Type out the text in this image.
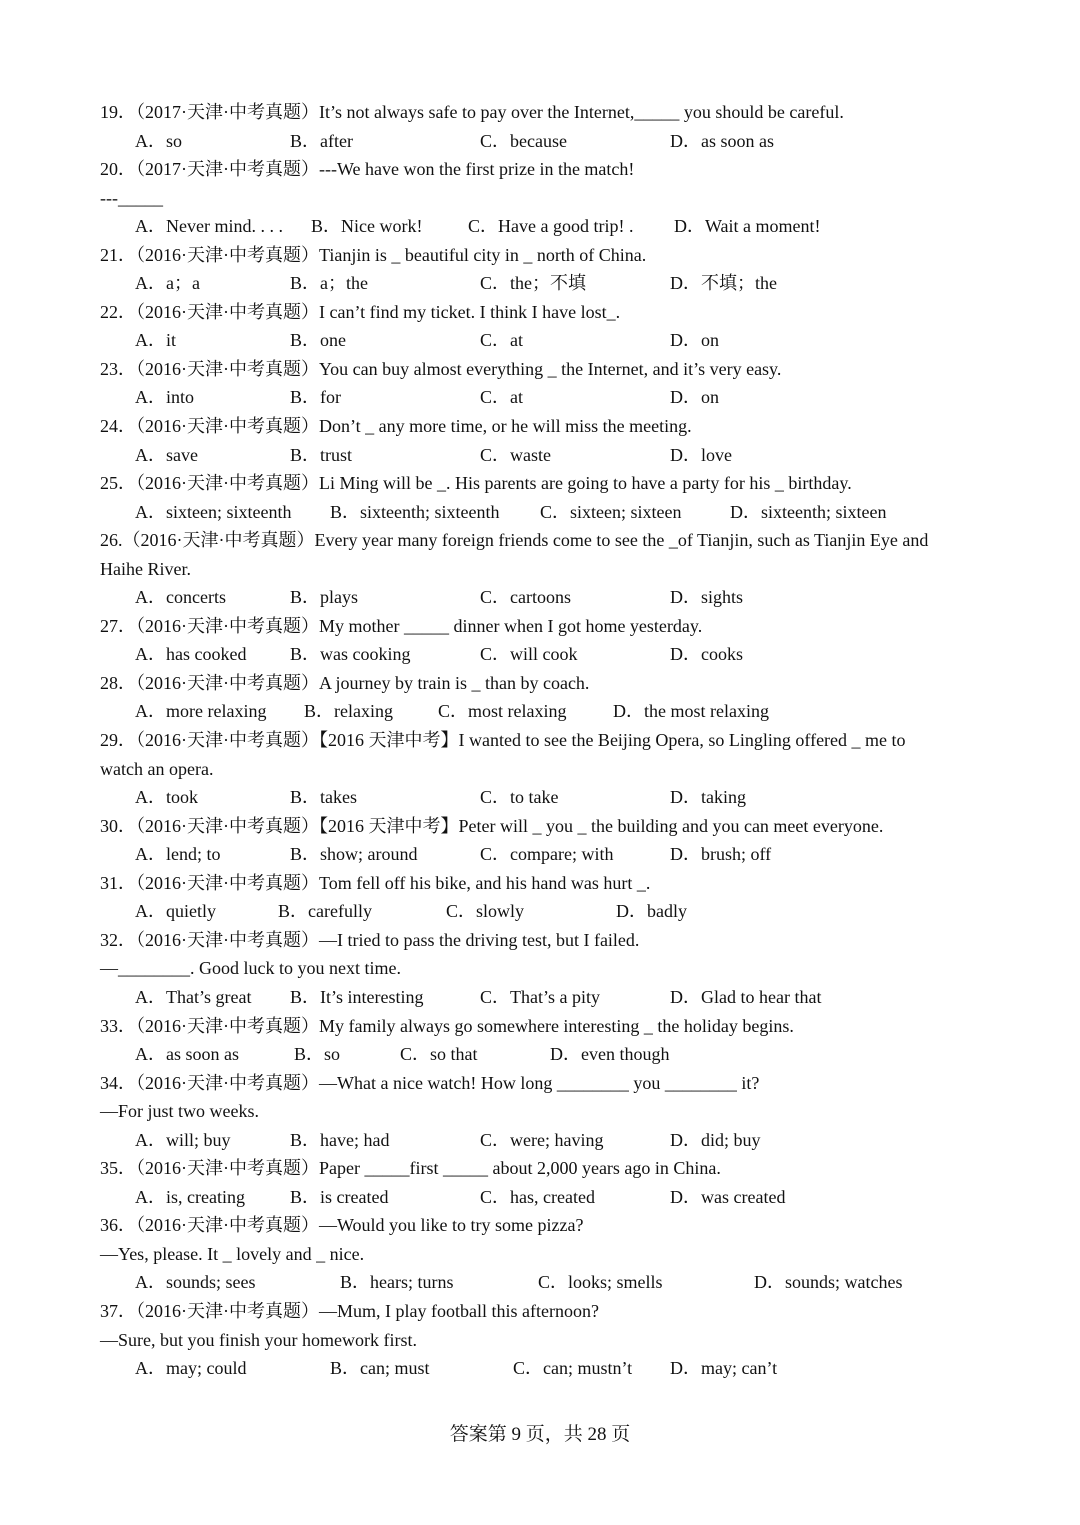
19．（2017·天津·中考真题）It’s not always safe to pay over the Internet,_____ you should be careful.
A．so	B．after	C．because	D．as soon as
20．（2017·天津·中考真题）---We have won the first prize in the match!
---_____
A．Never mind. . . .	B．Nice work!	C．Have a good trip! .	D．Wait a moment!
21．（2016·天津·中考真题）Tianjin is _ beautiful city in _ north of China.
A．a；a	B．a；the	C．the；不填	D．不填；the
22．（2016·天津·中考真题）I can’t find my ticket. I think I have lost_.
A．it	B．one	C．at	D．on
23．（2016·天津·中考真题）You can buy almost everything _ the Internet, and it’s very easy.
A．into	B．for	C．at	D．on
24．（2016·天津·中考真题）Don’t _ any more time, or he will miss the meeting.
A．save	B．trust	C．waste	D．love
25．（2016·天津·中考真题）Li Ming will be _. His parents are going to have a party for his _ birthday.
A．sixteen; sixteenth	B．sixteenth; sixteenth	C．sixteen; sixteen	D．sixteenth; sixteen
26.（2016·天津·中考真题）Every year many foreign friends come to see the _of Tianjin, such as Tianjin Eye and
Haihe River.
A．concerts	B．plays	C．cartoons	D．sights
27．（2016·天津·中考真题）My mother _____ dinner when I got home yesterday.
A．has cooked	B．was cooking	C．will cook	D．cooks
28．（2016·天津·中考真题）A journey by train is _ than by coach.
A．more relaxing	B．relaxing	C．most relaxing	D．the most relaxing
29．（2016·天津·中考真题）【2016 天津中考】I wanted to see the Beijing Opera, so Lingling offered _ me to
watch an opera.
A．took	B．takes	C．to take	D．taking
30．（2016·天津·中考真题）【2016 天津中考】Peter will _ you _ the building and you can meet everyone.
A．lend; to	B．show; around	C．compare; with	D．brush; off
31．（2016·天津·中考真题）Tom fell off his bike, and his hand was hurt _.
A．quietly	B．carefully	C．slowly	D．badly
32．（2016·天津·中考真题）—I tried to pass the driving test, but I failed.
—________. Good luck to you next time.
A．That’s great	B．It’s interesting	C．That’s a pity	D．Glad to hear that
33．（2016·天津·中考真题）My family always go somewhere interesting _ the holiday begins.
A．as soon as	B．so	C．so that	D．even though
34．（2016·天津·中考真题）—What a nice watch! How long ________ you ________ it?
—For just two weeks.
A．will; buy	B．have; had	C．were; having	D．did; buy
35．（2016·天津·中考真题）Paper _____first _____ about 2,000 years ago in China.
A．is, creating	B．is created	C．has, created	D．was created
36．（2016·天津·中考真题）—Would you like to try some pizza?
—Yes, please. It _ lovely and _ nice.
A．sounds; sees	B．hears; turns	C．looks; smells	D．sounds; watches
37．（2016·天津·中考真题）—Mum, I play football this afternoon?
—Sure, but you finish your homework first.
A．may; could	B．can; must	C．can; mustn’t	D．may; can’t
答案第 9 页，共 28 页
